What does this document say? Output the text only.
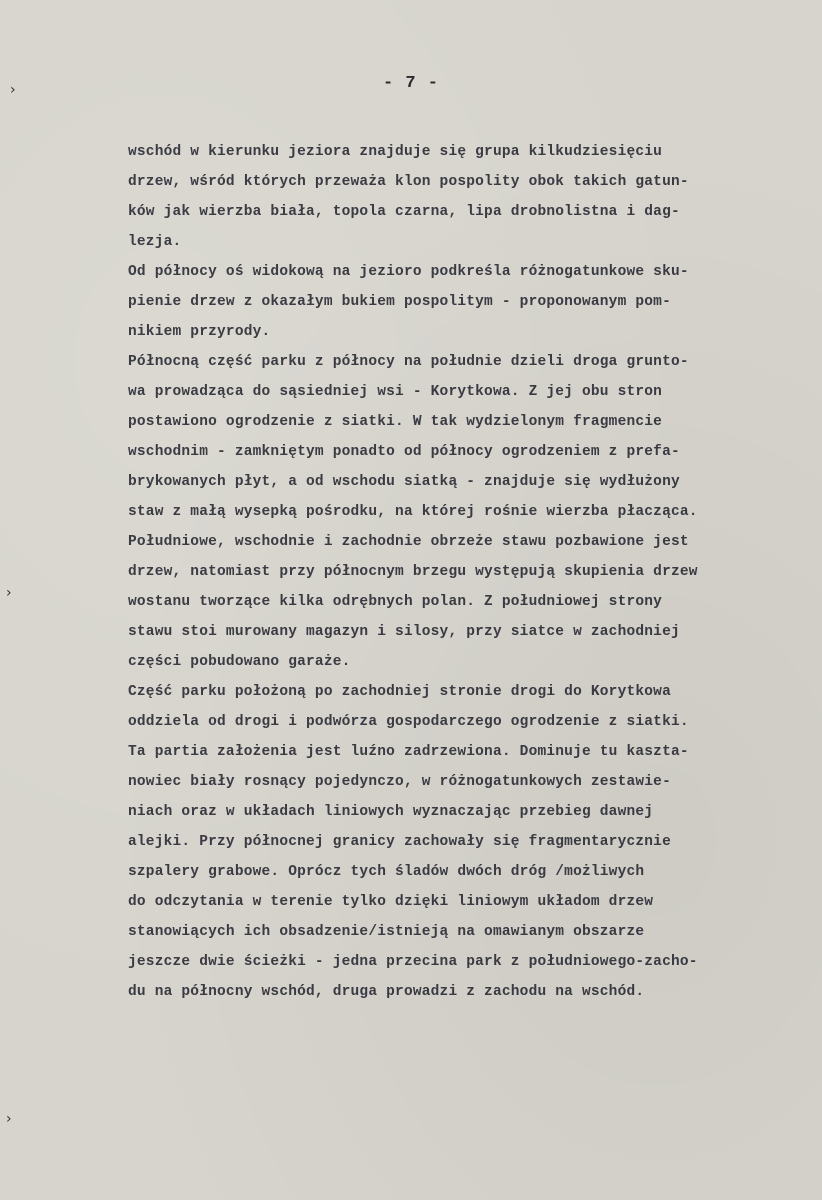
›
›
›
- 7 -
wschód w kierunku jeziora znajduje się grupa kilkudziesięciu
drzew, wśród których przeważa klon pospolity obok takich gatun-
ków jak wierzba biała, topola czarna, lipa drobnolistna i dag-
lezja.
Od północy oś widokową na jezioro podkreśla różnogatunkowe sku-
pienie drzew z okazałym bukiem pospolitym - proponowanym pom-
nikiem przyrody.
Północną część parku z północy na południe dzieli droga grunto-
wa prowadząca do sąsiedniej wsi - Korytkowa. Z jej obu stron
postawiono ogrodzenie z siatki. W tak wydzielonym fragmencie
wschodnim - zamkniętym ponadto od północy ogrodzeniem z prefa-
brykowanych płyt, a od wschodu siatką - znajduje się wydłużony
staw z małą wysepką pośrodku, na której rośnie wierzba płacząca.
Południowe, wschodnie i zachodnie obrzeże stawu pozbawione jest
drzew, natomiast przy północnym brzegu występują skupienia drzew
wostanu tworzące kilka odrębnych polan. Z południowej strony
stawu stoi murowany magazyn i silosy, przy siatce w zachodniej
części pobudowano garaże.
Część parku położoną po zachodniej stronie drogi do Korytkowa
oddziela od drogi i podwórza gospodarczego ogrodzenie z siatki.
Ta partia założenia jest luźno zadrzewiona. Dominuje tu kaszta-
nowiec biały rosnący pojedynczo, w różnogatunkowych zestawie-
niach oraz w układach liniowych wyznaczając przebieg dawnej
alejki. Przy północnej granicy zachowały się fragmentarycznie
szpalery grabowe. Oprócz tych śladów dwóch dróg /możliwych
do odczytania w terenie tylko dzięki liniowym układom drzew
stanowiących ich obsadzenie/istnieją na omawianym obszarze
jeszcze dwie ścieżki - jedna przecina park z południowego-zacho-
du na północny wschód, druga prowadzi z zachodu na wschód.
